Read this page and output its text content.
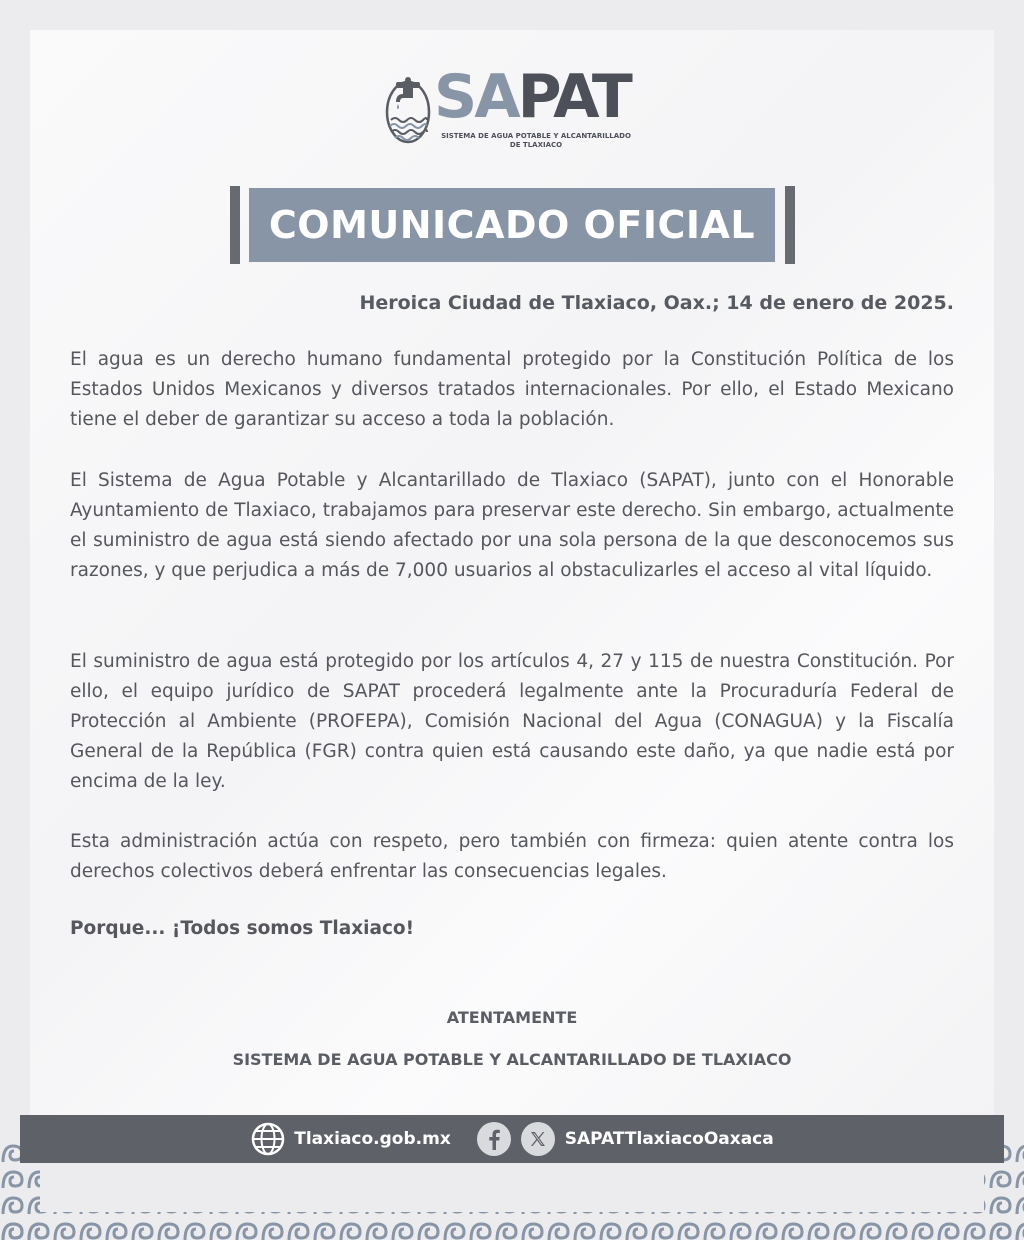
SAPAT
SISTEMA DE AGUA POTABLE Y ALCANTARILLADO
DE TLAXIACO
COMUNICADO OFICIAL
Heroica Ciudad de Tlaxiaco, Oax.; 14 de enero de 2025.
El agua es un derecho humano fundamental protegido por la Constitución Política de los Estados Unidos Mexicanos y diversos tratados internacionales. Por ello, el Estado Mexicano tiene el deber de garantizar su acceso a toda la población.
El Sistema de Agua Potable y Alcantarillado de Tlaxiaco (SAPAT), junto con el Honorable Ayuntamiento de Tlaxiaco, trabajamos para preservar este derecho. Sin embargo, actualmente el suministro de agua está siendo afectado por una sola persona de la que desconocemos sus razones, y que perjudica a más de 7,000 usuarios al obstaculizarles el acceso al vital líquido.
El suministro de agua está protegido por los artículos 4, 27 y 115 de nuestra Constitución. Por ello, el equipo jurídico de SAPAT procederá legalmente ante la Procuraduría Federal de Protección al Ambiente (PROFEPA), Comisión Nacional del Agua (CONAGUA) y la Fiscalía General de la República (FGR) contra quien está causando este daño, ya que nadie está por encima de la ley.
Esta administración actúa con respeto, pero también con firmeza: quien atente contra los derechos colectivos deberá enfrentar las consecuencias legales.
Porque... ¡Todos somos Tlaxiaco!
ATENTAMENTE
SISTEMA DE AGUA POTABLE Y ALCANTARILLADO DE TLAXIACO
Tlaxiaco.gob.mx	SAPATTlaxiacoOaxaca
